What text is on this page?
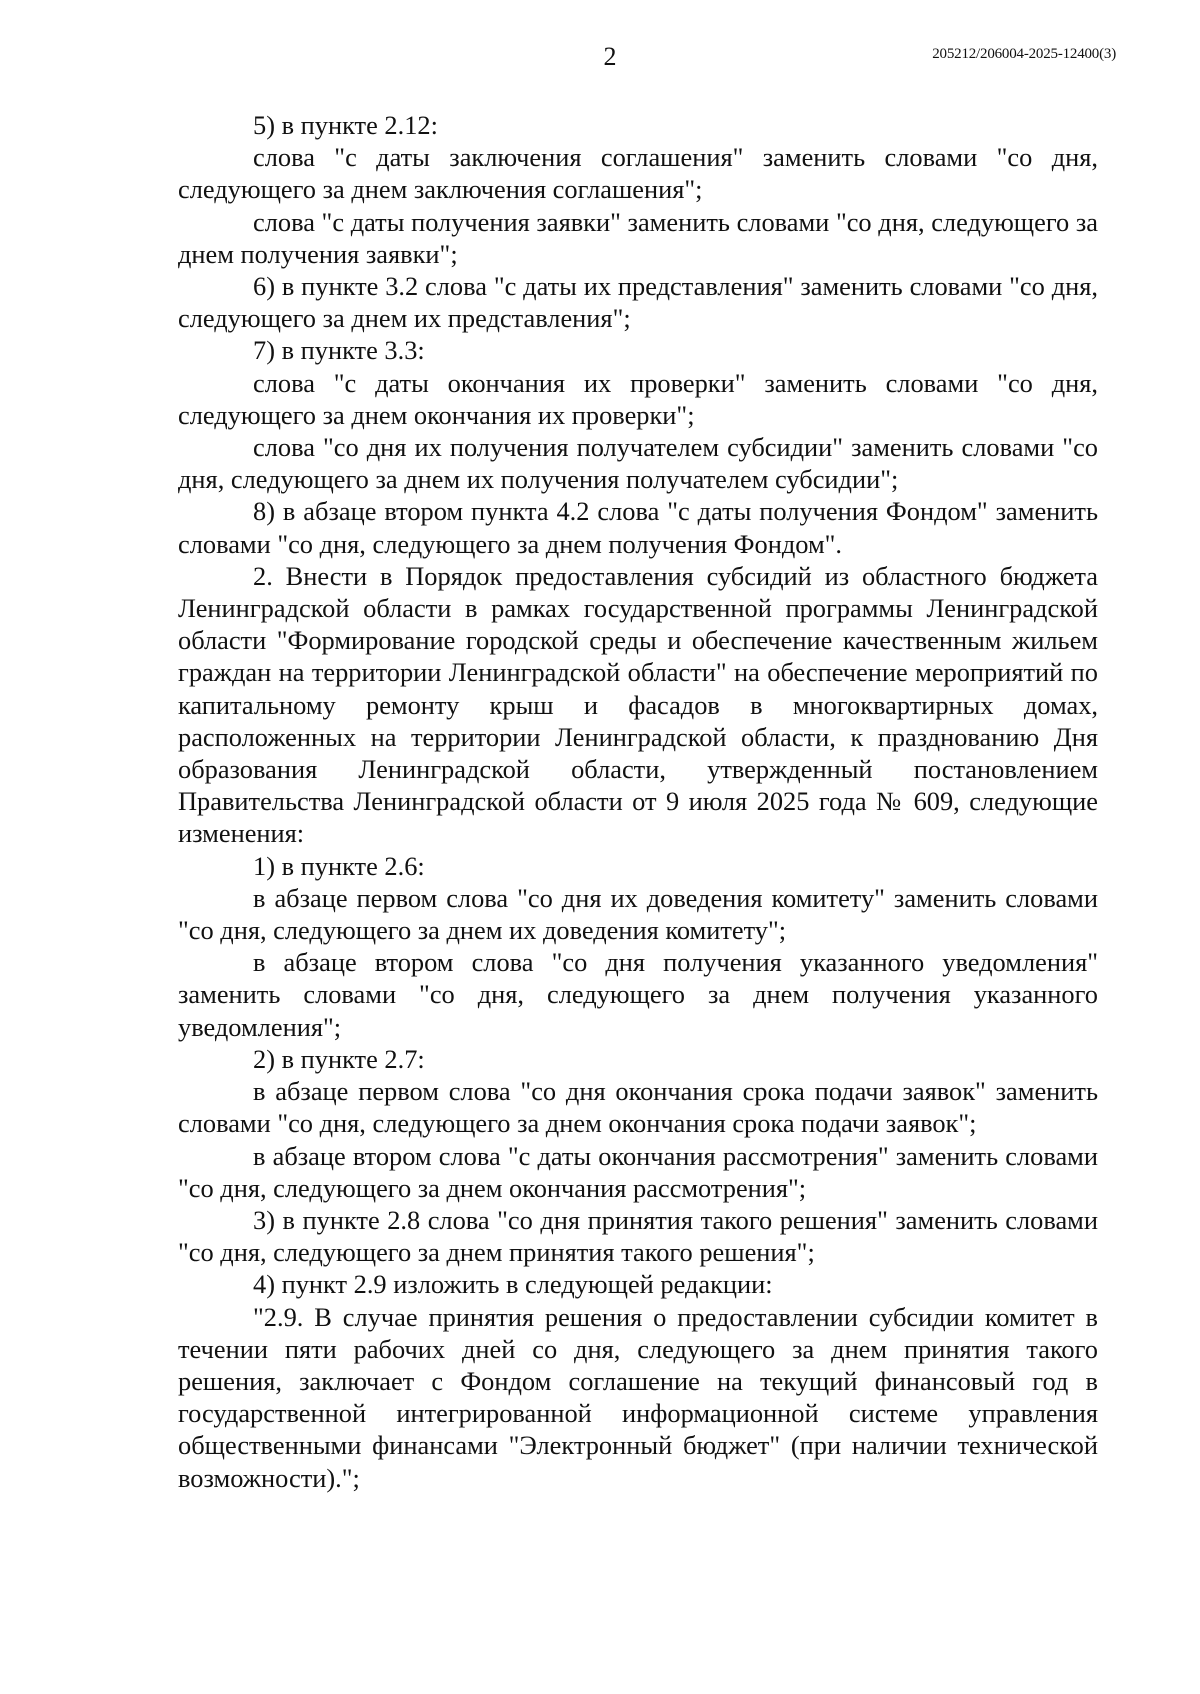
2	205212/206004-2025-12400(3)

5) в пункте 2.12:

слова "с даты заключения соглашения" заменить словами "со дня, следующего за днем заключения соглашения";

слова "с даты получения заявки" заменить словами "со дня, следующего за днем получения заявки";

6) в пункте 3.2 слова "с даты их представления" заменить словами "со дня, следующего за днем их представления";

7) в пункте 3.3:

слова "с даты окончания их проверки" заменить словами "со дня, следующего за днем окончания их проверки";

слова "со дня их получения получателем субсидии" заменить словами "со дня, следующего за днем их получения получателем субсидии";

8) в абзаце втором пункта 4.2 слова "с даты получения Фондом" заменить словами "со дня, следующего за днем получения Фондом".

2. Внести в Порядок предоставления субсидий из областного бюджета Ленинградской области в рамках государственной программы Ленинградской области "Формирование городской среды и обеспечение качественным жильем граждан на территории Ленинградской области" на обеспечение мероприятий по капитальному ремонту крыш и фасадов в многоквартирных домах, расположенных на территории Ленинградской области, к празднованию Дня образования Ленинградской области, утвержденный постановлением Правительства Ленинградской области от 9 июля 2025 года № 609, следующие изменения:

1) в пункте 2.6:

в абзаце первом слова "со дня их доведения комитету" заменить словами "со дня, следующего за днем их доведения комитету";

в абзаце втором слова "со дня получения указанного уведомления" заменить словами "со дня, следующего за днем получения указанного уведомления";

2) в пункте 2.7:

в абзаце первом слова "со дня окончания срока подачи заявок" заменить словами "со дня, следующего за днем окончания срока подачи заявок";

в абзаце втором слова "с даты окончания рассмотрения" заменить словами "со дня, следующего за днем окончания рассмотрения";

3) в пункте 2.8 слова "со дня принятия такого решения" заменить словами "со дня, следующего за днем принятия такого решения";

4) пункт 2.9 изложить в следующей редакции:

"2.9. В случае принятия решения о предоставлении субсидии комитет в течении пяти рабочих дней со дня, следующего за днем принятия такого решения, заключает с Фондом соглашение на текущий финансовый год в государственной интегрированной информационной системе управления общественными финансами "Электронный бюджет" (при наличии технической возможности).";
